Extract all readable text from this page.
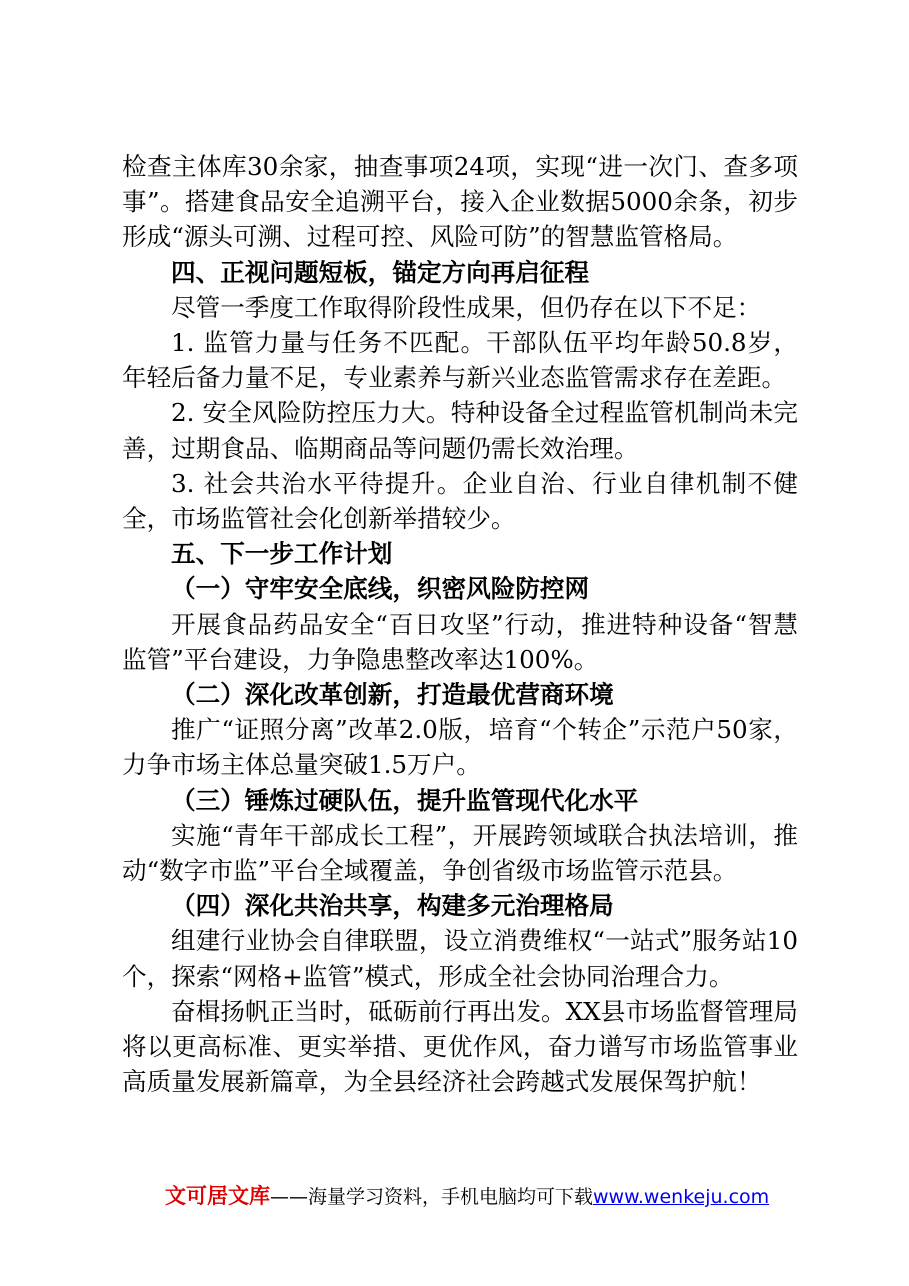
检查主体库30余家，抽查事项24项，实现“进一次门、查多项事”。搭建食品安全追溯平台，接入企业数据5000余条，初步形成“源头可溯、过程可控、风险可防”的智慧监管格局。

四、正视问题短板，锚定方向再启征程

尽管一季度工作取得阶段性成果，但仍存在以下不足：

1. 监管力量与任务不匹配。干部队伍平均年龄50.8岁，年轻后备力量不足，专业素养与新兴业态监管需求存在差距。

2. 安全风险防控压力大。特种设备全过程监管机制尚未完善，过期食品、临期商品等问题仍需长效治理。

3. 社会共治水平待提升。企业自治、行业自律机制不健全，市场监管社会化创新举措较少。

五、下一步工作计划

（一）守牢安全底线，织密风险防控网

开展食品药品安全“百日攻坚”行动，推进特种设备“智慧监管”平台建设，力争隐患整改率达100%。

（二）深化改革创新，打造最优营商环境

推广“证照分离”改革2.0版，培育“个转企”示范户50家，力争市场主体总量突破1.5万户。

（三）锤炼过硬队伍，提升监管现代化水平

实施“青年干部成长工程”，开展跨领域联合执法培训，推动“数字市监”平台全域覆盖，争创省级市场监管示范县。

（四）深化共治共享，构建多元治理格局

组建行业协会自律联盟，设立消费维权“一站式”服务站10个，探索“网格+监管”模式，形成全社会协同治理合力。

奋楫扬帆正当时，砥砺前行再出发。XX县市场监督管理局将以更高标准、更实举措、更优作风，奋力谱写市场监管事业高质量发展新篇章，为全县经济社会跨越式发展保驾护航！

文可居文库——海量学习资料，手机电脑均可下载www.wenkeju.com
